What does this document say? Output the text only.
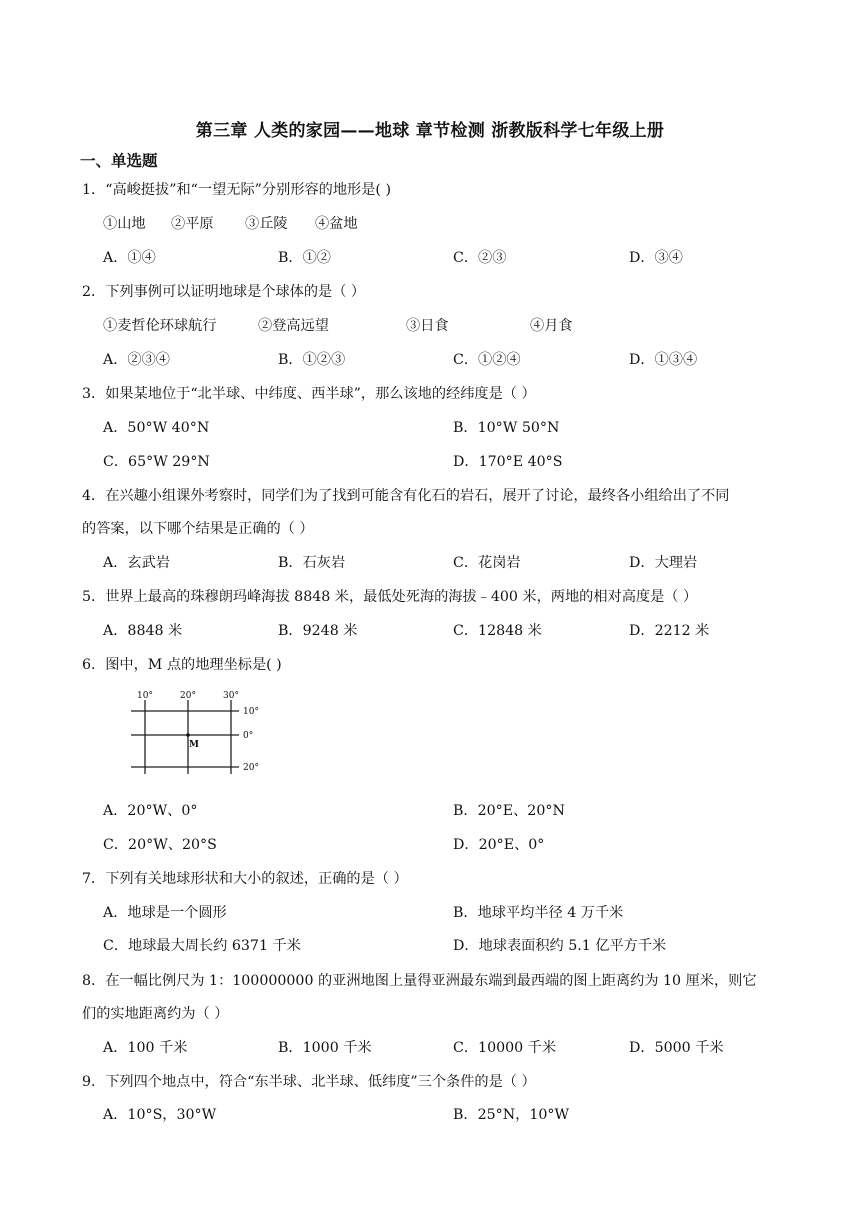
第三章 人类的家园——地球 章节检测 浙教版科学七年级上册
一、单选题
1．“高峻挺拔”和“一望无际”分别形容的地形是( )
①山地 ②平原 ③丘陵 ④盆地
A．①④	B．①②	C．②③	D．③④
2．下列事例可以证明地球是个球体的是（ ）
①麦哲伦环球航行	②登高远望	③日食	④月食
A．②③④	B．①②③	C．①②④	D．①③④
3．如果某地位于“北半球、中纬度、西半球”，那么该地的经纬度是（ ）
A．50°W 40°N	B．10°W 50°N
C．65°W 29°N	D．170°E 40°S
4．在兴趣小组课外考察时，同学们为了找到可能含有化石的岩石，展开了讨论，最终各小组给出了不同
的答案，以下哪个结果是正确的（ ）
A．玄武岩	B．石灰岩	C．花岗岩	D．大理岩
5．世界上最高的珠穆朗玛峰海拔 8848 米，最低处死海的海拔﹣400 米，两地的相对高度是（ ）
A．8848 米	B．9248 米	C．12848 米	D．2212 米
6．图中，M 点的地理坐标是( )
10°	20°	30°
10°
0°
20°
M
A．20°W、0°	B．20°E、20°N
C．20°W、20°S	D．20°E、0°
7．下列有关地球形状和大小的叙述，正确的是（ ）
A．地球是一个圆形	B．地球平均半径 4 万千米
C．地球最大周长约 6371 千米	D．地球表面积约 5.1 亿平方千米
8．在一幅比例尺为 1：100000000 的亚洲地图上量得亚洲最东端到最西端的图上距离约为 10 厘米，则它
们的实地距离约为（ ）
A．100 千米	B．1000 千米	C．10000 千米	D．5000 千米
9．下列四个地点中，符合“东半球、北半球、低纬度”三个条件的是（ ）
A．10°S，30°W	B．25°N，10°W
